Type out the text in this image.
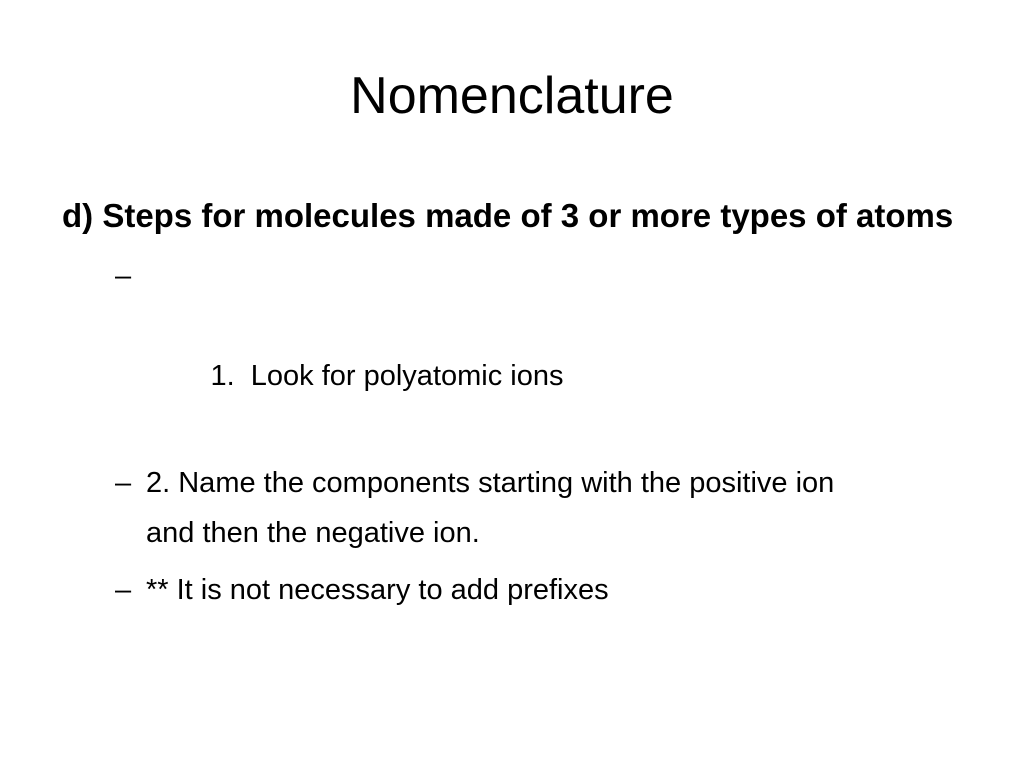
Nomenclature

d) Steps for molecules made of 3 or more types of atoms

–

1.  Look for polyatomic ions

– 2. Name the components starting with the positive ion and then the negative ion.
– ** It is not necessary to add prefixes
